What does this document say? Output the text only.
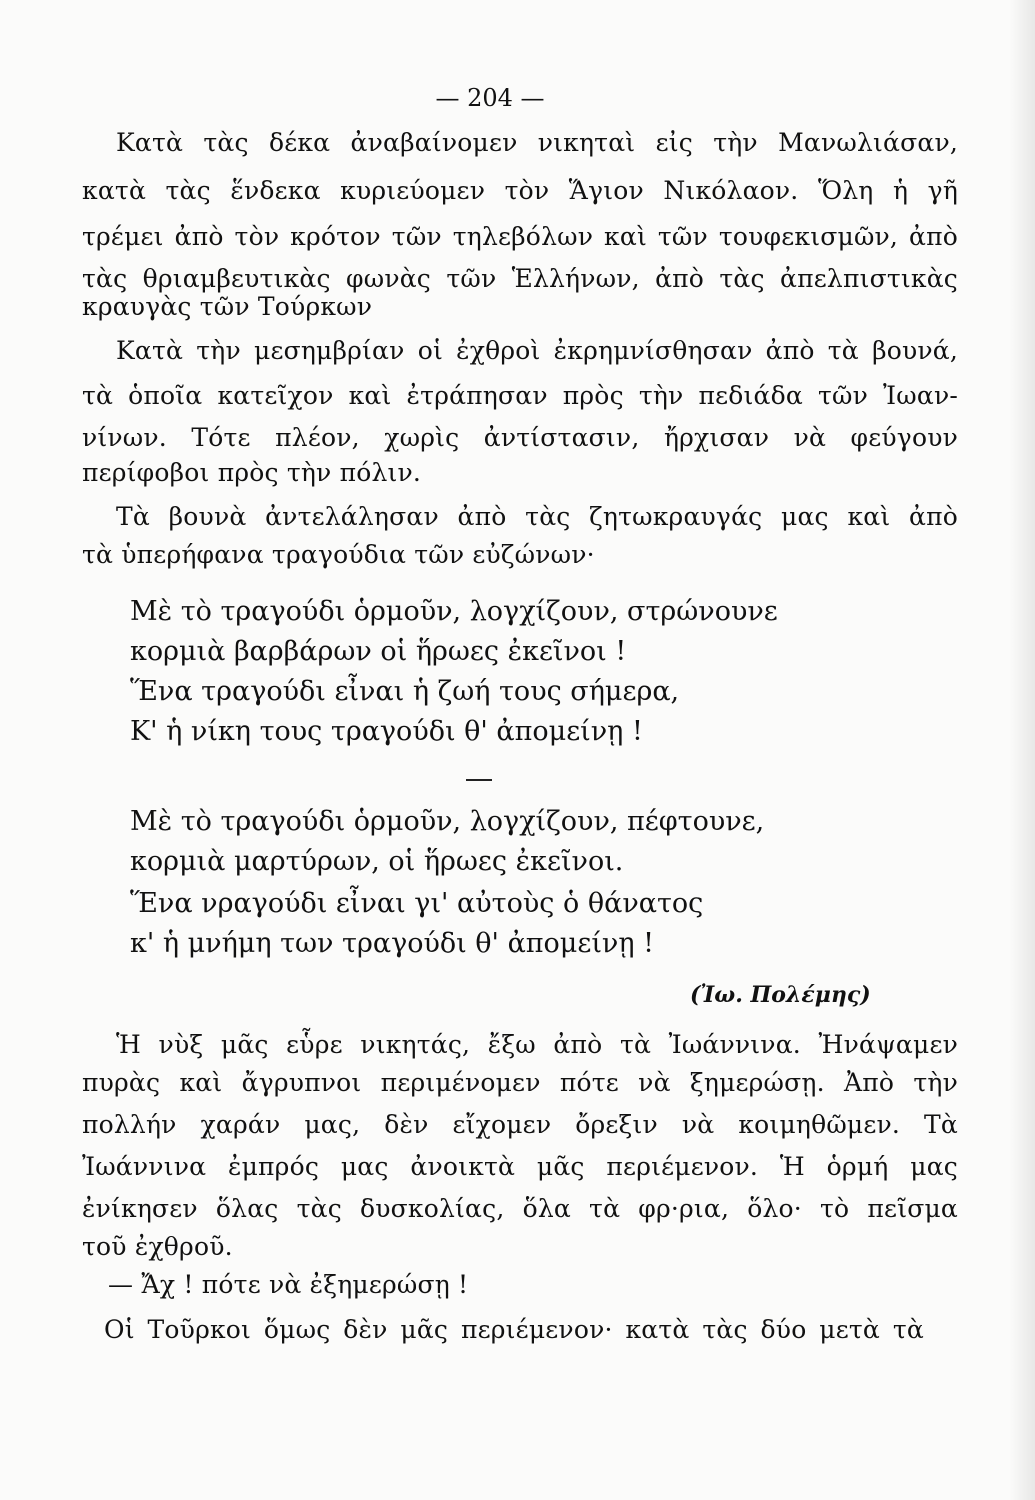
— 204 —
Κατὰ τὰς δέκα ἀναβαίνομεν νικηταὶ εἰς τὴν Μανωλιάσαν,
κατὰ τὰς ἕνδεκα κυριεύομεν τὸν Ἅγιον Νικόλαον. Ὅλη ἡ γῆ
τρέμει ἀπὸ τὸν κρότον τῶν τηλεβόλων καὶ τῶν τουφεκισμῶν, ἀπὸ
τὰς θριαμβευτικὰς φωνὰς τῶν Ἑλλήνων, ἀπὸ τὰς ἀπελπιστικὰς
κραυγὰς τῶν Τούρκων
Κατὰ τὴν μεσημβρίαν οἱ ἐχθροὶ ἐκρημνίσθησαν ἀπὸ τὰ βουνά,
τὰ ὁποῖα κατεῖχον καὶ ἐτράπησαν πρὸς τὴν πεδιάδα τῶν Ἰωαν-
νίνων. Τότε πλέον, χωρὶς ἀντίστασιν, ἤρχισαν νὰ φεύγουν
περίφοβοι πρὸς τὴν πόλιν.
Τὰ βουνὰ ἀντελάλησαν ἀπὸ τὰς ζητωκραυγάς μας καὶ ἀπὸ
τὰ ὑπερήφανα τραγούδια τῶν εὐζώνων·
Μὲ τὸ τραγούδι ὁρμοῦν, λογχίζουν, στρώνουνε
κορμιὰ βαρβάρων οἱ ἥρωες ἐκεῖνοι !
Ἕνα τραγούδι εἶναι ἡ ζωή τους σήμερα,
Κ' ἡ νίκη τους τραγούδι θ' ἀπομείνῃ !
Μὲ τὸ τραγούδι ὁρμοῦν, λογχίζουν, πέφτουνε,
κορμιὰ μαρτύρων, οἱ ἥρωες ἐκεῖνοι.
Ἕνα νραγούδι εἶναι γι' αὐτοὺς ὁ θάνατος
κ' ἡ μνήμη των τραγούδι θ' ἀπομείνῃ !
(Ἰω. Πολέμης)
Ἡ νὺξ μᾶς εὗρε νικητάς, ἔξω ἀπὸ τὰ Ἰωάννινα. Ἠνάψαμεν
πυρὰς καὶ ἄγρυπνοι περιμένομεν πότε νὰ ξημερώσῃ. Ἀπὸ τὴν
πολλήν χαράν μας, δὲν εἴχομεν ὄρεξιν νὰ κοιμηθῶμεν. Τὰ
Ἰωάννινα ἐμπρός μας ἀνοικτὰ μᾶς περιέμενον. Ἡ ὁρμή μας
ἐνίκησεν ὅλας τὰς δυσκολίας, ὅλα τὰ φρ·ρια, ὅλο· τὸ πεῖσμα
τοῦ ἐχθροῦ.
— Ἄχ ! πότε νὰ ἐξημερώσῃ !
Οἱ Τοῦρκοι ὅμως δὲν μᾶς περιέμενον· κατὰ τὰς δύο μετὰ τὰ
